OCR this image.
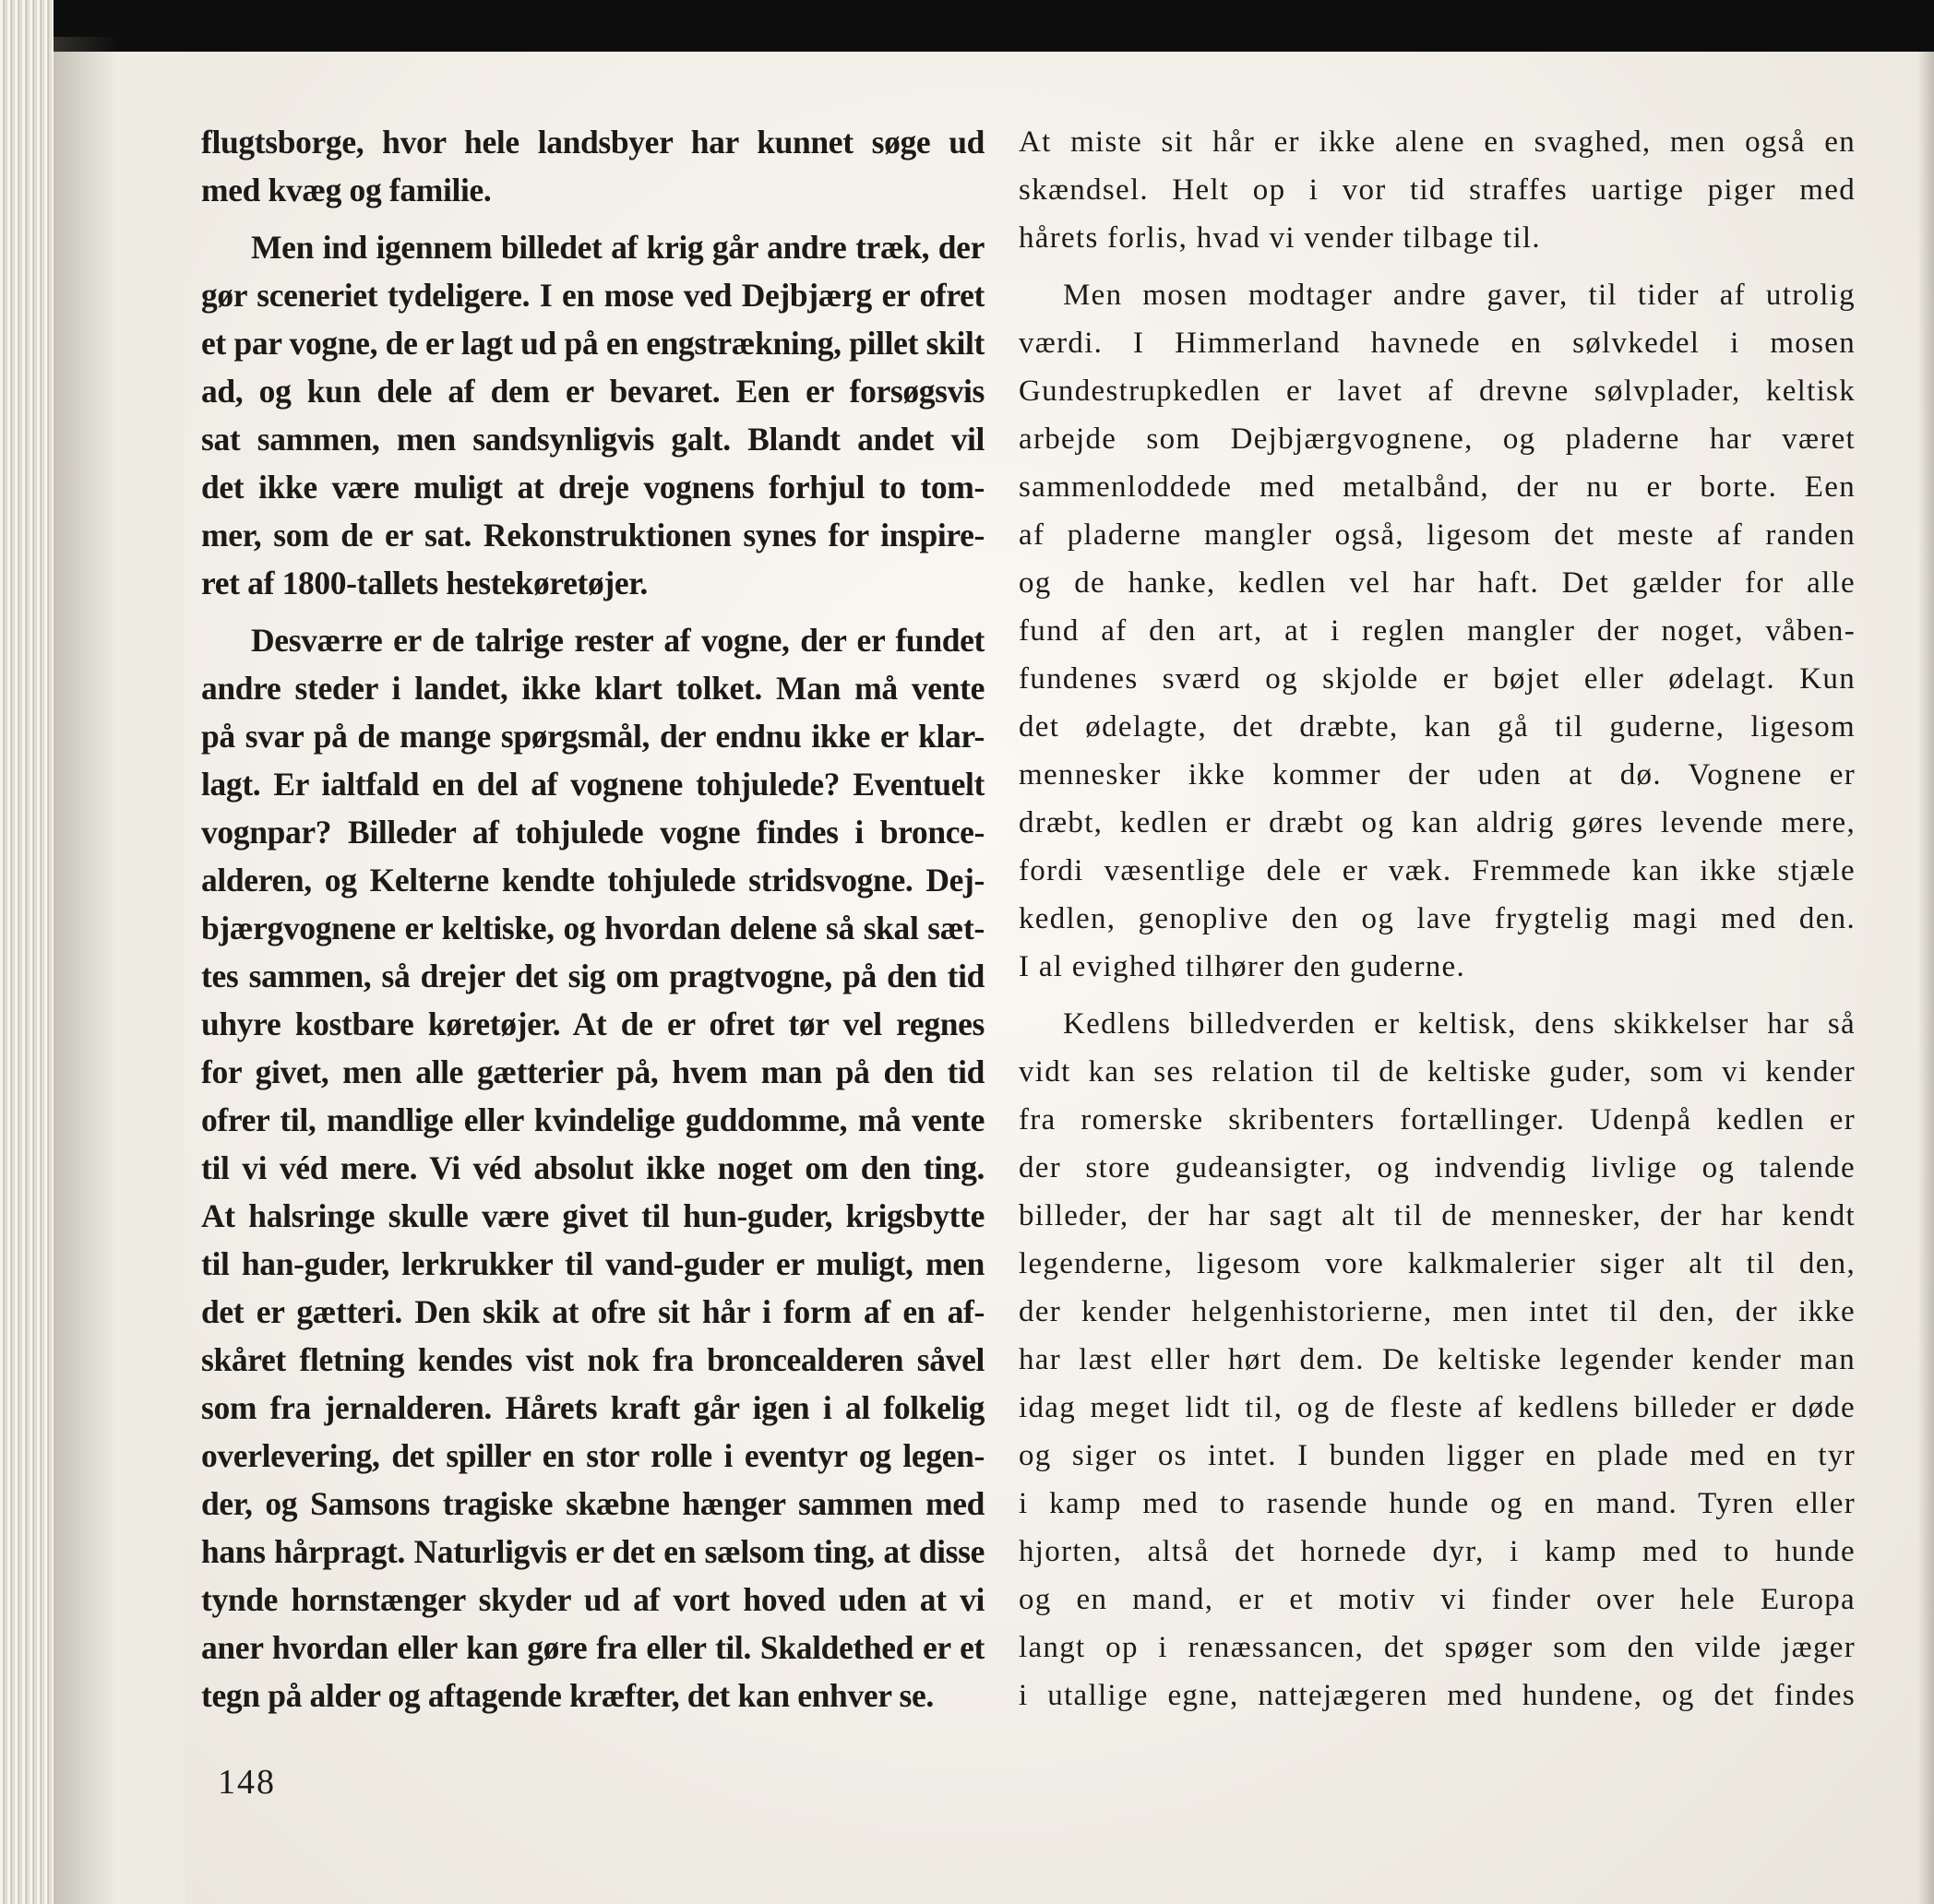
flugtsborge, hvor hele landsbyer har kunnet søge ud
med kvæg og familie.
Men ind igennem billedet af krig går andre træk, der
gør sceneriet tydeligere. I en mose ved Dejbjærg er ofret
et par vogne, de er lagt ud på en engstrækning, pillet skilt
ad, og kun dele af dem er bevaret. Een er forsøgsvis
sat sammen, men sandsynligvis galt. Blandt andet vil
det ikke være muligt at dreje vognens forhjul to tom-
mer, som de er sat. Rekonstruktionen synes for inspire-
ret af 1800-tallets hestekøretøjer.
Desværre er de talrige rester af vogne, der er fundet
andre steder i landet, ikke klart tolket. Man må vente
på svar på de mange spørgsmål, der endnu ikke er klar-
lagt. Er ialtfald en del af vognene tohjulede? Eventuelt
vognpar? Billeder af tohjulede vogne findes i bronce-
alderen, og Kelterne kendte tohjulede stridsvogne. Dej-
bjærgvognene er keltiske, og hvordan delene så skal sæt-
tes sammen, så drejer det sig om pragtvogne, på den tid
uhyre kostbare køretøjer. At de er ofret tør vel regnes
for givet, men alle gætterier på, hvem man på den tid
ofrer til, mandlige eller kvindelige guddomme, må vente
til vi véd mere. Vi véd absolut ikke noget om den ting.
At halsringe skulle være givet til hun-guder, krigsbytte
til han-guder, lerkrukker til vand-guder er muligt, men
det er gætteri. Den skik at ofre sit hår i form af en af-
skåret fletning kendes vist nok fra broncealderen såvel
som fra jernalderen. Hårets kraft går igen i al folkelig
overlevering, det spiller en stor rolle i eventyr og legen-
der, og Samsons tragiske skæbne hænger sammen med
hans hårpragt. Naturligvis er det en sælsom ting, at disse
tynde hornstænger skyder ud af vort hoved uden at vi
aner hvordan eller kan gøre fra eller til. Skaldethed er et
tegn på alder og aftagende kræfter, det kan enhver se.
At miste sit hår er ikke alene en svaghed, men også en
skændsel. Helt op i vor tid straffes uartige piger med
hårets forlis, hvad vi vender tilbage til.
Men mosen modtager andre gaver, til tider af utrolig
værdi. I Himmerland havnede en sølvkedel i mosen
Gundestrupkedlen er lavet af drevne sølvplader, keltisk
arbejde som Dejbjærgvognene, og pladerne har været
sammenloddede med metalbånd, der nu er borte. Een
af pladerne mangler også, ligesom det meste af randen
og de hanke, kedlen vel har haft. Det gælder for alle
fund af den art, at i reglen mangler der noget, våben-
fundenes sværd og skjolde er bøjet eller ødelagt. Kun
det ødelagte, det dræbte, kan gå til guderne, ligesom
mennesker ikke kommer der uden at dø. Vognene er
dræbt, kedlen er dræbt og kan aldrig gøres levende mere,
fordi væsentlige dele er væk. Fremmede kan ikke stjæle
kedlen, genoplive den og lave frygtelig magi med den.
I al evighed tilhører den guderne.
Kedlens billedverden er keltisk, dens skikkelser har så
vidt kan ses relation til de keltiske guder, som vi kender
fra romerske skribenters fortællinger. Udenpå kedlen er
der store gudeansigter, og indvendig livlige og talende
billeder, der har sagt alt til de mennesker, der har kendt
legenderne, ligesom vore kalkmalerier siger alt til den,
der kender helgenhistorierne, men intet til den, der ikke
har læst eller hørt dem. De keltiske legender kender man
idag meget lidt til, og de fleste af kedlens billeder er døde
og siger os intet. I bunden ligger en plade med en tyr
i kamp med to rasende hunde og en mand. Tyren eller
hjorten, altså det hornede dyr, i kamp med to hunde
og en mand, er et motiv vi finder over hele Europa
langt op i renæssancen, det spøger som den vilde jæger
i utallige egne, nattejægeren med hundene, og det findes
148
